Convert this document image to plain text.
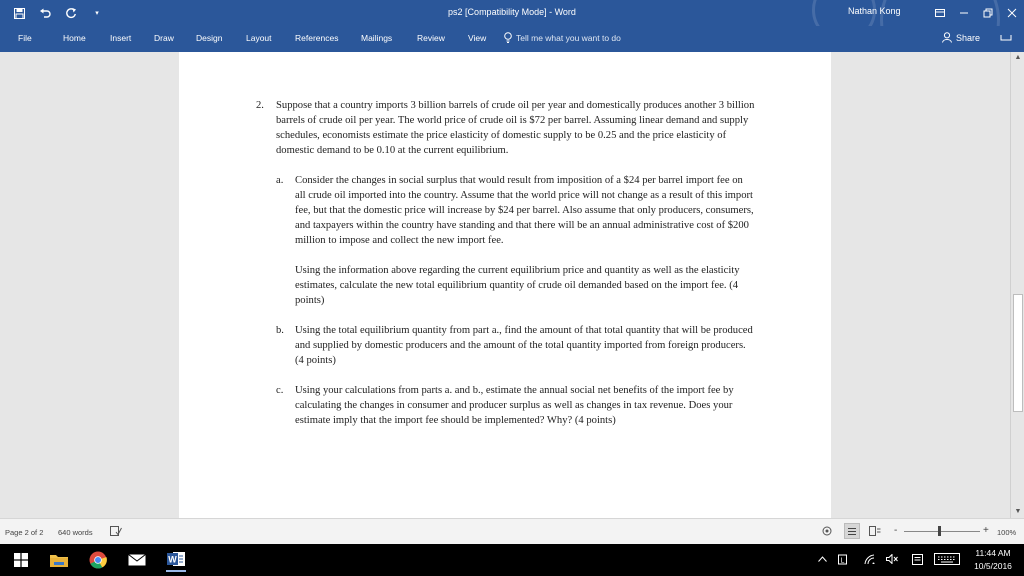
▾	ps2 [Compatibility Mode] - Word	Nathan Kong
File	Home	Insert	Draw	Design	Layout	References	Mailings	Review	View	Tell me what you want to do	Share
2.	Suppose that a country imports 3 billion barrels of crude oil per year and domestically produces another 3 billion barrels of crude oil per year. The world price of crude oil is $72 per barrel. Assuming linear demand and supply schedules, economists estimate the price elasticity of domestic supply to be 0.25 and the price elasticity of domestic demand to be 0.10 at the current equilibrium.
a.	Consider the changes in social surplus that would result from imposition of a $24 per barrel import fee on all crude oil imported into the country. Assume that the world price will not change as a result of this import fee, but that the domestic price will increase by $24 per barrel. Also assume that only producers, consumers, and taxpayers within the country have standing and that there will be an annual administrative cost of $200 million to impose and collect the new import fee.
Using the information above regarding the current equilibrium price and quantity as well as the elasticity estimates, calculate the new total equilibrium quantity of crude oil demanded based on the import fee. (4 points)
b.	Using the total equilibrium quantity from part a., find the amount of that total quantity that will be produced and supplied by domestic producers and the amount of the total quantity imported from foreign producers. (4 points)
c.	Using your calculations from parts a. and b., estimate the annual social net benefits of the import fee by calculating the changes in consumer and producer surplus as well as changes in tax revenue. Does your estimate imply that the import fee should be implemented? Why? (4 points)
▲
▼
Page 2 of 2 640 words	-	+ 100%
W	L
11:44 AM
10/5/2016
